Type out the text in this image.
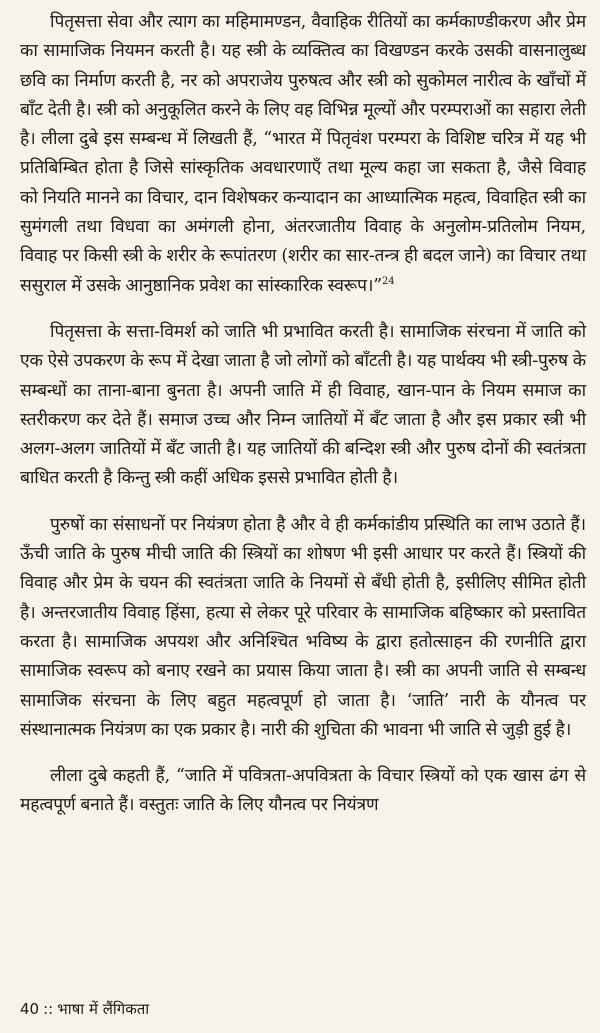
पितृसत्ता सेवा और त्याग का महिमामण्डन, वैवाहिक रीतियों का कर्मकाण्डीकरण और प्रेम का सामाजिक नियमन करती है। यह स्त्री के व्यक्तित्व का विखण्डन करके उसकी वासनालुब्ध छवि का निर्माण करती है, नर को अपराजेय पुरुषत्व और स्त्री को सुकोमल नारीत्व के खाँचों में बाँट देती है। स्त्री को अनुकूलित करने के लिए वह विभिन्न मूल्यों और परम्पराओं का सहारा लेती है। लीला दुबे इस सम्बन्ध में लिखती हैं, “भारत में पितृवंश परम्परा के विशिष्ट चरित्र में यह भी प्रतिबिम्बित होता है जिसे सांस्कृतिक अवधारणाएँ तथा मूल्य कहा जा सकता है, जैसे विवाह को नियति मानने का विचार, दान विशेषकर कन्यादान का आध्यात्मिक महत्व, विवाहित स्त्री का सुमंगली तथा विधवा का अमंगली होना, अंतरजातीय विवाह के अनुलोम-प्रतिलोम नियम, विवाह पर किसी स्त्री के शरीर के रूपांतरण (शरीर का सार-तन्त्र ही बदल जाने) का विचार तथा ससुराल में उसके आनुष्ठानिक प्रवेश का सांस्कारिक स्वरूप।”$^{24}$

पितृसत्ता के सत्ता-विमर्श को जाति भी प्रभावित करती है। सामाजिक संरचना में जाति को एक ऐसे उपकरण के रूप में देखा जाता है जो लोगों को बाँटती है। यह पार्थक्य भी स्त्री-पुरुष के सम्बन्धों का ताना-बाना बुनता है। अपनी जाति में ही विवाह, खान-पान के नियम समाज का स्तरीकरण कर देते हैं। समाज उच्च और निम्न जातियों में बँट जाता है और इस प्रकार स्त्री भी अलग-अलग जातियों में बँट जाती है। यह जातियों की बन्दिश स्त्री और पुरुष दोनों की स्वतंत्रता बाधित करती है किन्तु स्त्री कहीं अधिक इससे प्रभावित होती है।

पुरुषों का संसाधनों पर नियंत्रण होता है और वे ही कर्मकांडीय प्रस्थिति का लाभ उठाते हैं। ऊँची जाति के पुरुष मीची जाति की स्त्रियों का शोषण भी इसी आधार पर करते हैं। स्त्रियों की विवाह और प्रेम के चयन की स्वतंत्रता जाति के नियमों से बँधी होती है, इसीलिए सीमित होती है। अन्तरजातीय विवाह हिंसा, हत्या से लेकर पूरे परिवार के सामाजिक बहिष्कार को प्रस्तावित करता है। सामाजिक अपयश और अनिश्चित भविष्य के द्वारा हतोत्साहन की रणनीति द्वारा सामाजिक स्वरूप को बनाए रखने का प्रयास किया जाता है। स्त्री का अपनी जाति से सम्बन्ध सामाजिक संरचना के लिए बहुत महत्वपूर्ण हो जाता है। ‘जाति’ नारी के यौनत्व पर संस्थानात्मक नियंत्रण का एक प्रकार है। नारी की शुचिता की भावना भी जाति से जुड़ी हुई है।

लीला दुबे कहती हैं, “जाति में पवित्रता-अपवित्रता के विचार स्त्रियों को एक खास ढंग से महत्वपूर्ण बनाते हैं। वस्तुतः जाति के लिए यौनत्व पर नियंत्रण

40 :: भाषा में लैंगिकता
